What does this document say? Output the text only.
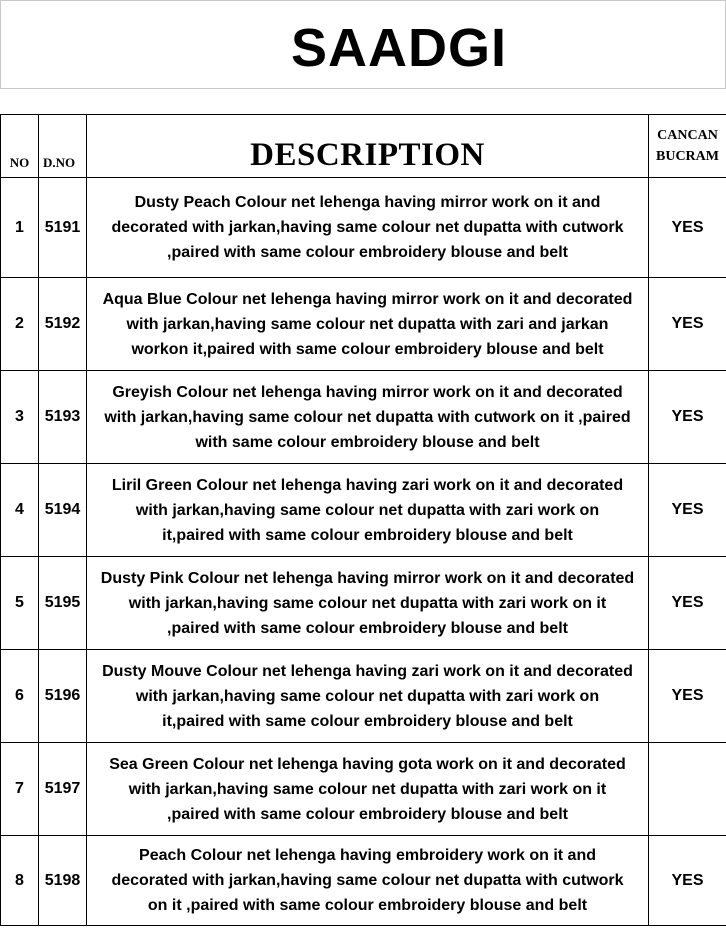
SAADGI
NO	D.NO	DESCRIPTION	CANCAN
BUCRAM

1	5191	Dusty Peach Colour net lehenga having mirror work on it and
decorated with jarkan,having same colour net dupatta with cutwork
,paired with same colour embroidery blouse and belt	YES
2	5192	Aqua Blue Colour net lehenga having mirror work on it and decorated
with jarkan,having same colour net dupatta with zari and jarkan
workon it,paired with same colour embroidery blouse and belt	YES
3	5193	Greyish Colour net lehenga having mirror work on it and decorated
with jarkan,having same colour net dupatta with cutwork on it ,paired
with same colour embroidery blouse and belt	YES
4	5194	Liril Green Colour net lehenga having zari work on it and decorated
with jarkan,having same colour net dupatta with zari work on
it,paired with same colour embroidery blouse and belt	YES
5	5195	Dusty Pink Colour net lehenga having mirror work on it and decorated
with jarkan,having same colour net dupatta with zari work on it
,paired with same colour embroidery blouse and belt	YES
6	5196	Dusty Mouve Colour net lehenga having zari work on it and decorated
with jarkan,having same colour net dupatta with zari work on
it,paired with same colour embroidery blouse and belt	YES
7	5197	Sea Green Colour net lehenga having gota work on it and decorated
with jarkan,having same colour net dupatta with zari work on it
,paired with same colour embroidery blouse and belt	

8	5198	Peach Colour net lehenga having embroidery work on it and
decorated with jarkan,having same colour net dupatta with cutwork
on it ,paired with same colour embroidery blouse and belt	YES
